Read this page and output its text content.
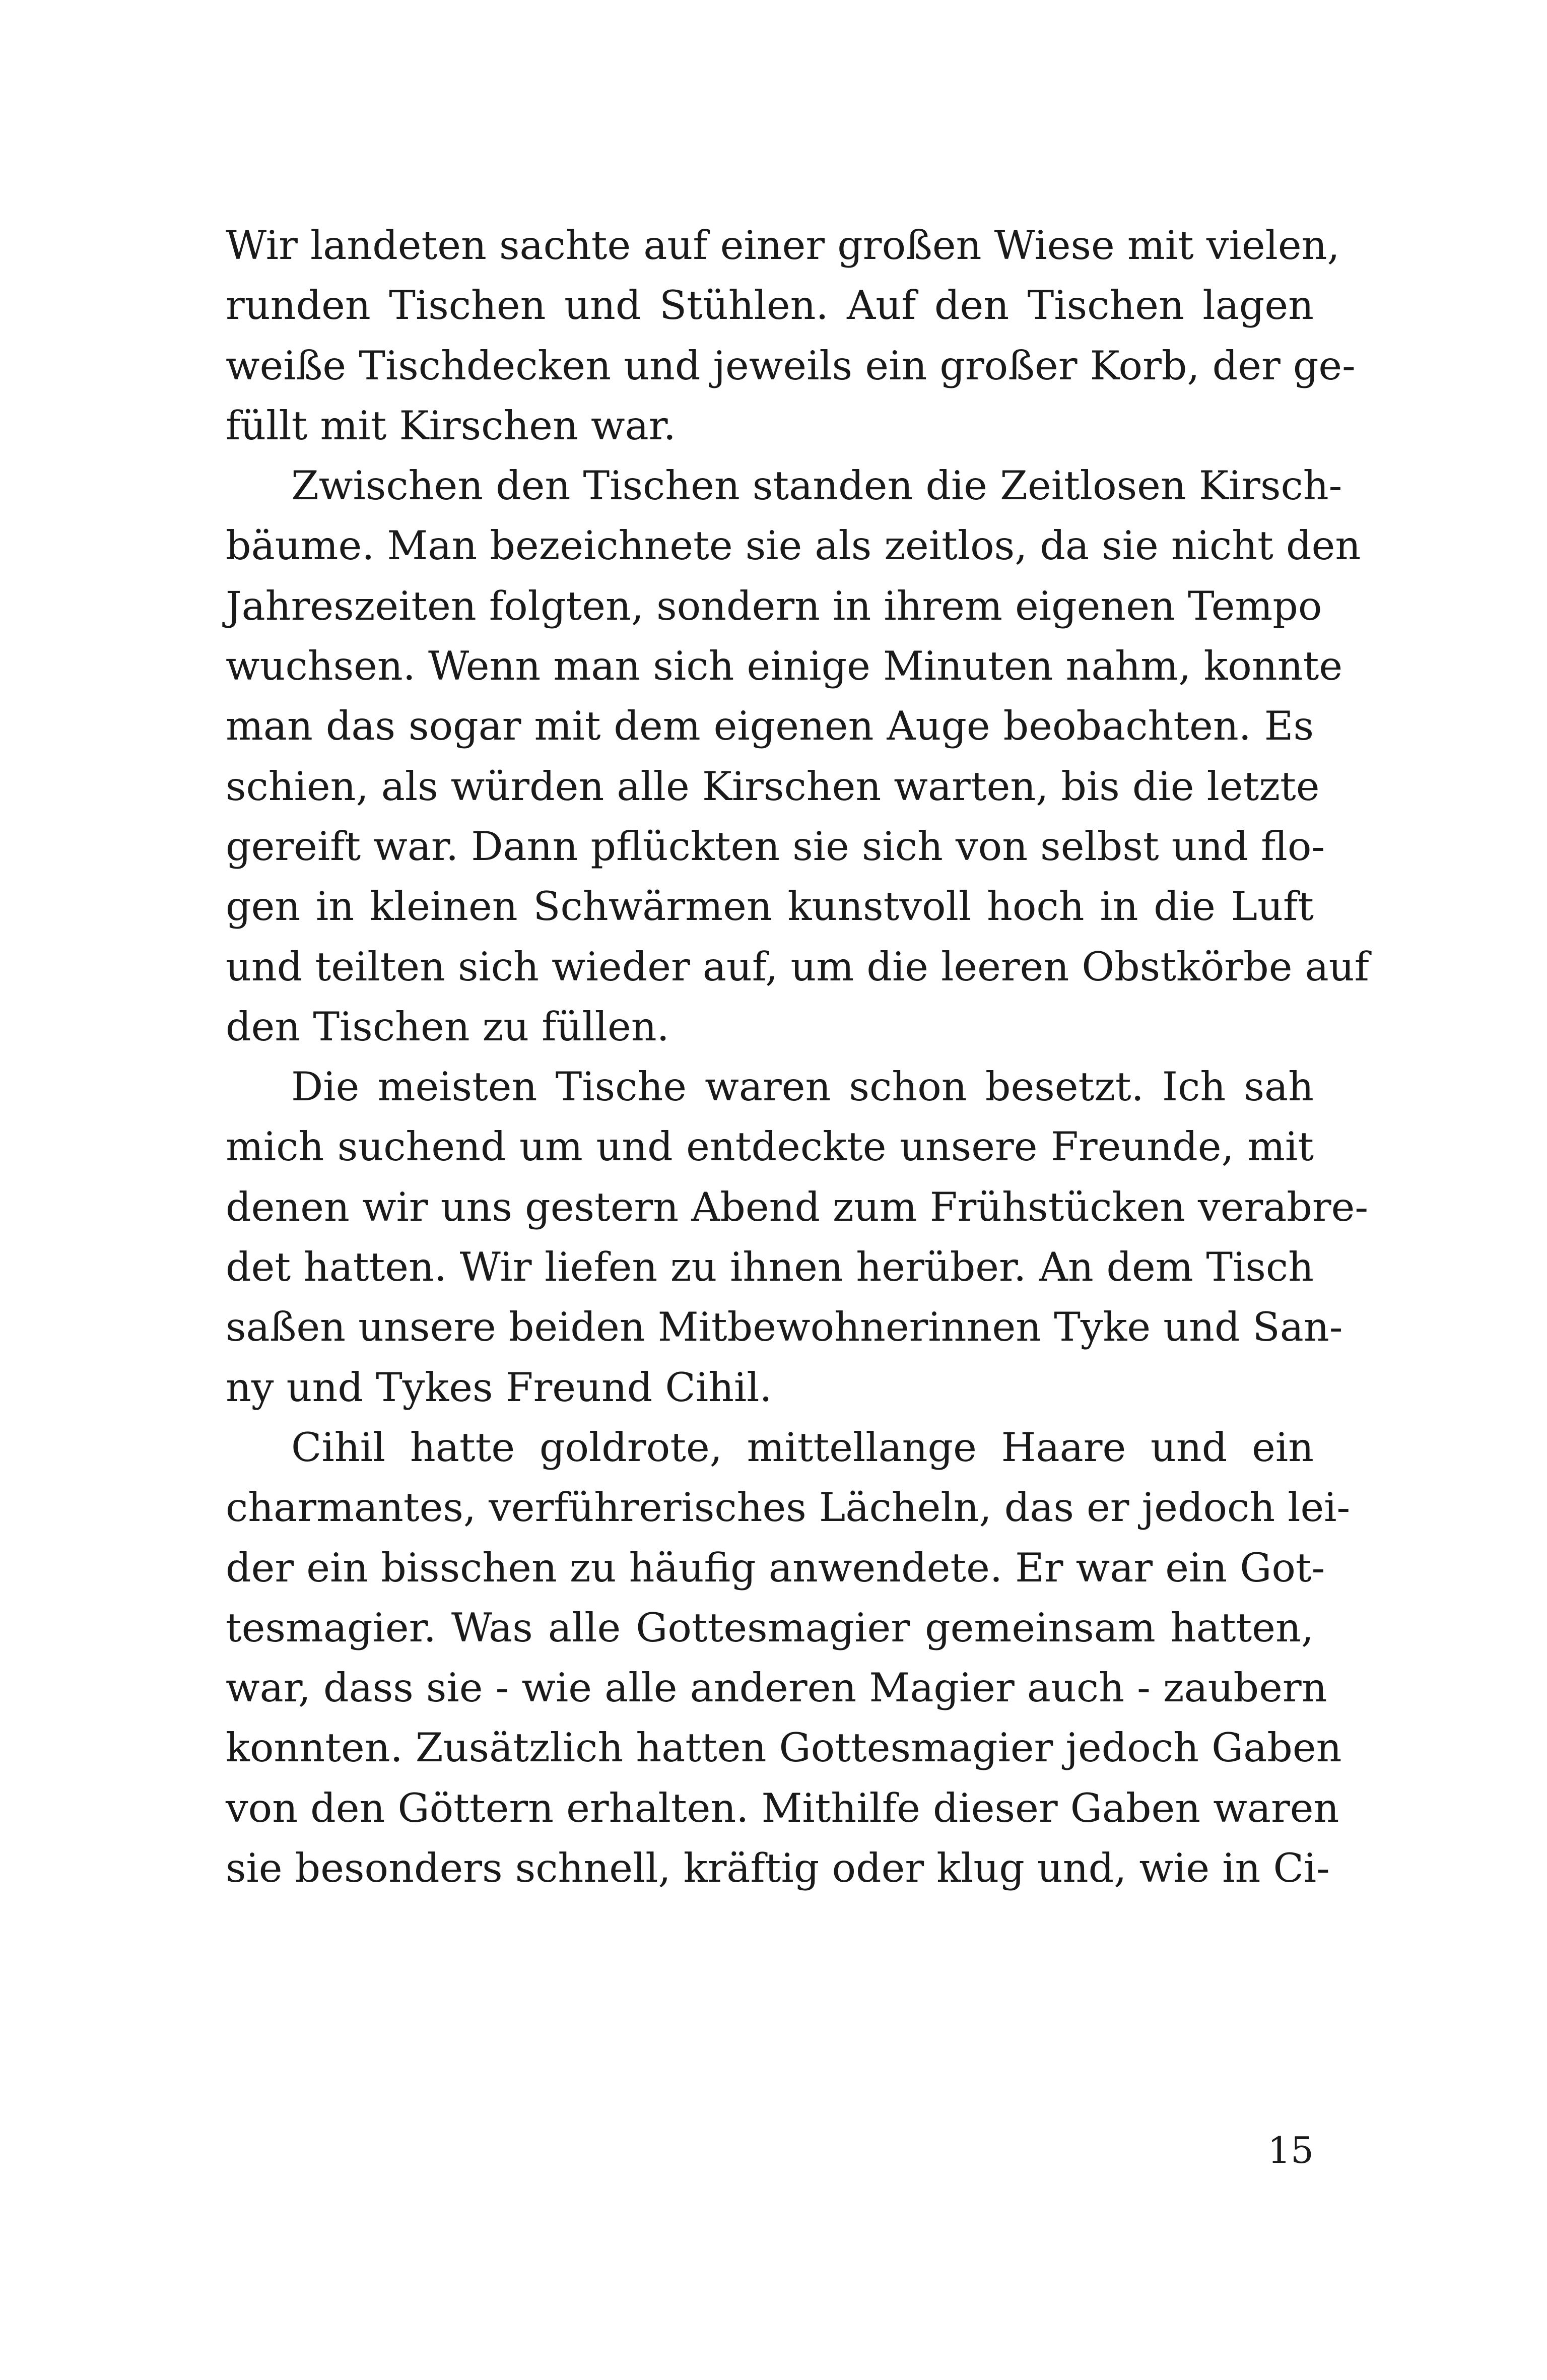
Wir landeten sachte auf einer großen Wiese mit vielen,
runden Tischen und Stühlen. Auf den Tischen lagen
weiße Tischdecken und jeweils ein großer Korb, der ge-
füllt mit Kirschen war.
Zwischen den Tischen standen die Zeitlosen Kirsch-
bäume. Man bezeichnete sie als zeitlos, da sie nicht den
Jahreszeiten folgten, sondern in ihrem eigenen Tempo
wuchsen. Wenn man sich einige Minuten nahm, konnte
man das sogar mit dem eigenen Auge beobachten. Es
schien, als würden alle Kirschen warten, bis die letzte
gereift war. Dann pflückten sie sich von selbst und flo-
gen in kleinen Schwärmen kunstvoll hoch in die Luft
und teilten sich wieder auf, um die leeren Obstkörbe auf
den Tischen zu füllen.
Die meisten Tische waren schon besetzt. Ich sah
mich suchend um und entdeckte unsere Freunde, mit
denen wir uns gestern Abend zum Frühstücken verabre-
det hatten. Wir liefen zu ihnen herüber. An dem Tisch
saßen unsere beiden Mitbewohnerinnen Tyke und San-
ny und Tykes Freund Cihil.
Cihil hatte goldrote, mittellange Haare und ein
charmantes, verführerisches Lächeln, das er jedoch lei-
der ein bisschen zu häufig anwendete. Er war ein Got-
tesmagier. Was alle Gottesmagier gemeinsam hatten,
war, dass sie - wie alle anderen Magier auch - zaubern
konnten. Zusätzlich hatten Gottesmagier jedoch Gaben
von den Göttern erhalten. Mithilfe dieser Gaben waren
sie besonders schnell, kräftig oder klug und, wie in Ci-
15
